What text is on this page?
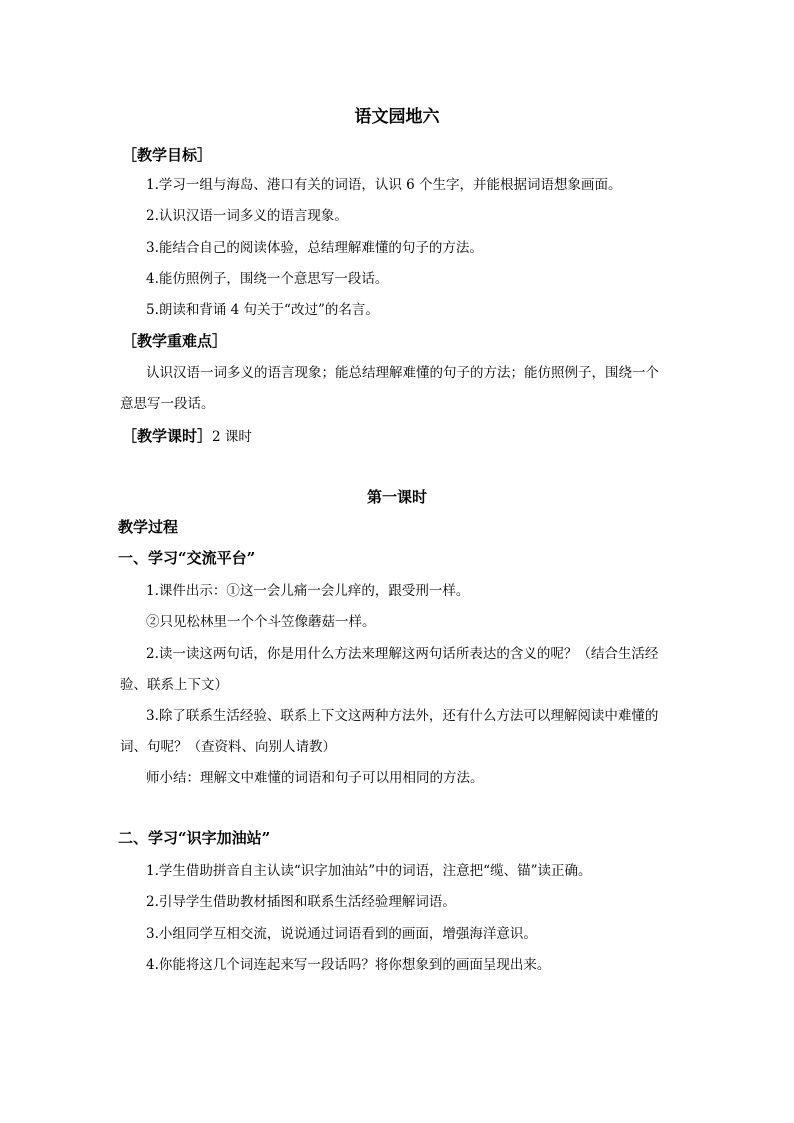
语文园地六
［教学目标］
1.学习一组与海岛、港口有关的词语，认识 6 个生字，并能根据词语想象画面。
2.认识汉语一词多义的语言现象。
3.能结合自己的阅读体验，总结理解难懂的句子的方法。
4.能仿照例子，围绕一个意思写一段话。
5.朗读和背诵 4 句关于“改过”的名言。
［教学重难点］
认识汉语一词多义的语言现象；能总结理解难懂的句子的方法；能仿照例子，围绕一个
意思写一段话。
［教学课时］2 课时
第一课时
教学过程
一、学习“交流平台”
1.课件出示：①这一会儿痛一会儿痒的，跟受刑一样。
②只见松林里一个个斗笠像蘑菇一样。
2.读一读这两句话，你是用什么方法来理解这两句话所表达的含义的呢？（结合生活经
验、联系上下文）
3.除了联系生活经验、联系上下文这两种方法外，还有什么方法可以理解阅读中难懂的
词、句呢？（查资料、向别人请教）
师小结：理解文中难懂的词语和句子可以用相同的方法。
二、学习“识字加油站”
1.学生借助拼音自主认读“识字加油站”中的词语，注意把“缆、锚”读正确。
2.引导学生借助教材插图和联系生活经验理解词语。
3.小组同学互相交流，说说通过词语看到的画面，增强海洋意识。
4.你能将这几个词连起来写一段话吗？将你想象到的画面呈现出来。
